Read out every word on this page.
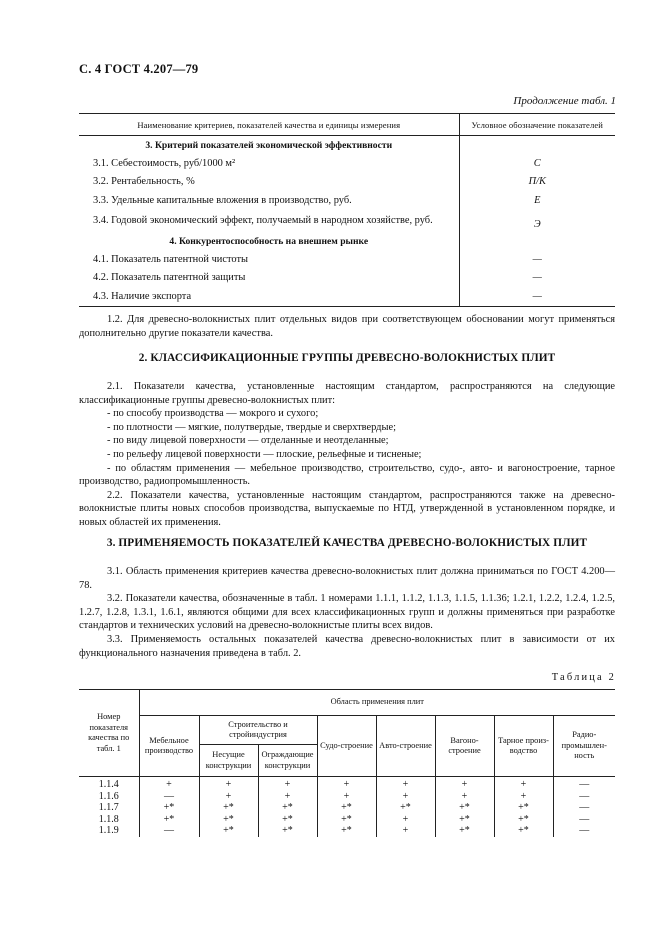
С. 4 ГОСТ 4.207—79
Продолжение табл. 1
Наименование критериев, показателей качества и единицы измерения	Условное обозначение показателей
3. Критерий показателей экономической эффективности	
3.1. Себестоимость, руб/1000 м²	С
3.2. Рентабельность, %	П/К
3.3. Удельные капитальные вложения в производство, руб.	Е
3.4. Годовой экономический эффект, получаемый в народном хозяйстве, руб.	Э
4. Конкурентоспособность на внешнем рынке	
4.1. Показатель патентной чистоты	—
4.2. Показатель патентной защиты	—
4.3. Наличие экспорта	—

1.2. Для древесно-волокнистых плит отдельных видов при соответствующем обосновании могут применяться дополнительно другие показатели качества.

2. КЛАССИФИКАЦИОННЫЕ ГРУППЫ ДРЕВЕСНО-ВОЛОКНИСТЫХ ПЛИТ

2.1. Показатели качества, установленные настоящим стандартом, распространяются на следующие классификационные группы древесно-волокнистых плит:

- по способу производства — мокрого и сухого;

- по плотности — мягкие, полутвердые, твердые и сверхтвердые;

- по виду лицевой поверхности — отделанные и неотделанные;

- по рельефу лицевой поверхности — плоские, рельефные и тисненые;

- по областям применения — мебельное производство, строительство, судо-, авто- и вагоностроение, тарное производство, радиопромышленность.

2.2. Показатели качества, установленные настоящим стандартом, распространяются также на древесно-волокнистые плиты новых способов производства, выпускаемые по НТД, утвержденной в установленном порядке, и новых областей их применения.

3. ПРИМЕНЯЕМОСТЬ ПОКАЗАТЕЛЕЙ КАЧЕСТВА ДРЕВЕСНО-ВОЛОКНИСТЫХ ПЛИТ

3.1. Область применения критериев качества древесно-волокнистых плит должна приниматься по ГОСТ 4.200—78.

3.2. Показатели качества, обозначенные в табл. 1 номерами 1.1.1, 1.1.2, 1.1.3, 1.1.5, 1.1.36; 1.2.1, 1.2.2, 1.2.4, 1.2.5, 1.2.7, 1.2.8, 1.3.1, 1.6.1, являются общими для всех классификационных групп и должны применяться при разработке стандартов и технических условий на древесно-волокнистые плиты всех видов.

3.3. Применяемость остальных показателей качества древесно-волокнистых плит в зависимости от их функционального назначения приведена в табл. 2.

Таблица 2
Номер показателя качества по табл. 1	Область применения плит							
	Мебельное производство	Строительство и стройиндустрия		Судо-строение	Авто-строение	Вагоно-строение	Тарное произ-водство	Радио-промышлен-ность
		Несущие конструкции	Ограждающие конструкции					
1.1.4	+	+	+	+	+	+	+	—
1.1.6	—	+	+	+	+	+	+	—
1.1.7	+*	+*	+*	+*	+*	+*	+*	—
1.1.8	+*	+*	+*	+*	+	+*	+*	—
1.1.9	—	+*	+*	+*	+	+*	+*	—
